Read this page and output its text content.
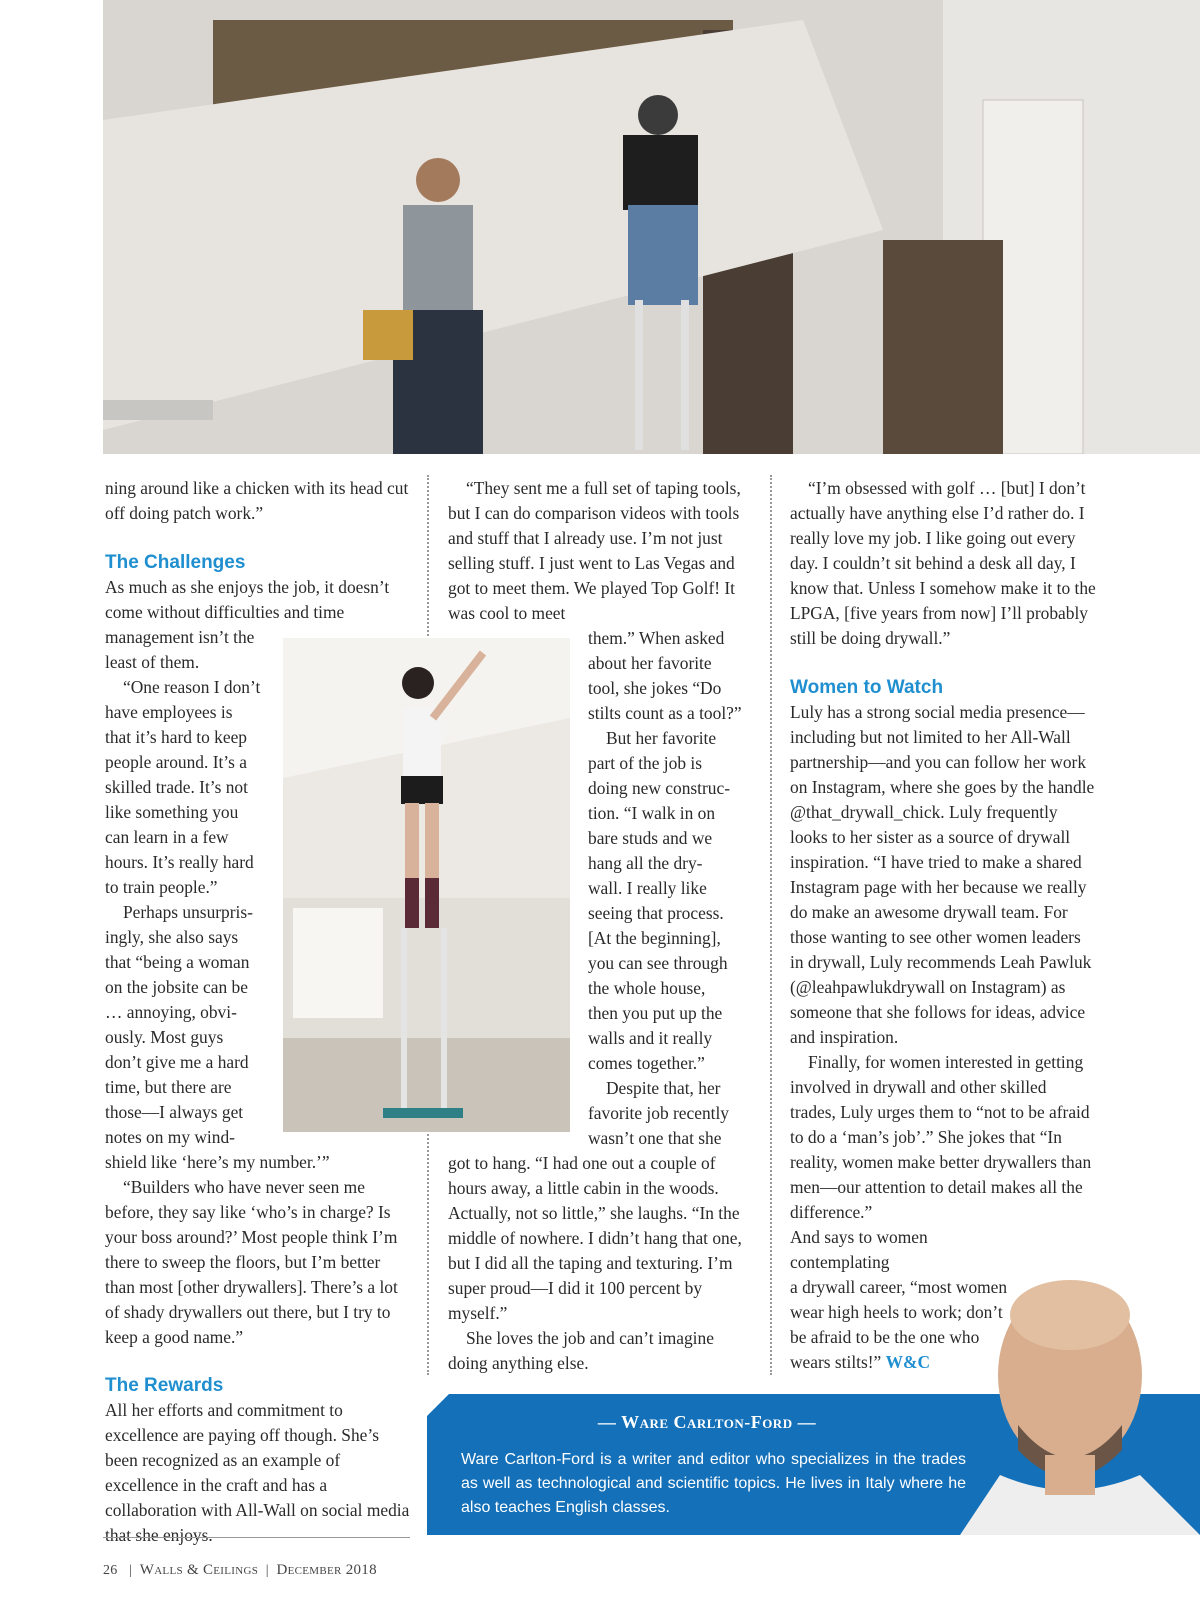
ning around like a chicken with its head cut off doing patch work.”

The Challenges

As much as she enjoys the job, it doesn’t come without difficulties and time

management isn’t the

least of them.

“One reason I don’t

have employees is

that it’s hard to keep

people around. It’s a

skilled trade. It’s not

like something you

can learn in a few

hours. It’s really hard

to train people.”

Perhaps unsurpris-

ingly, she also says

that “being a woman

on the jobsite can be

… annoying, obvi-

ously. Most guys

don’t give me a hard

time, but there are

those—I always get

notes on my wind-

shield like ‘here’s my number.’”

“Builders who have never seen me before, they say like ‘who’s in charge? Is your boss around?’ Most people think I’m there to sweep the floors, but I’m better than most [other drywallers]. There’s a lot of shady drywallers out there, but I try to keep a good name.”

The Rewards

All her efforts and commitment to excellence are paying off though. She’s been recognized as an example of excellence in the craft and has a collaboration with All-Wall on social media that she enjoys.

“They sent me a full set of taping tools, but I can do comparison videos with tools and stuff that I already use. I’m not just selling stuff. I just went to Las Vegas and got to meet them. We played Top Golf! It was cool to meet

them.” When asked

about her favorite

tool, she jokes “Do

stilts count as a tool?”

But her favorite

part of the job is

doing new construc-

tion. “I walk in on

bare studs and we

hang all the dry-

wall. I really like

seeing that process.

[At the beginning],

you can see through

the whole house,

then you put up the

walls and it really

comes together.”

Despite that, her

favorite job recently

wasn’t one that she

got to hang. “I had one out a couple of hours away, a little cabin in the woods. Actually, not so little,” she laughs. “In the middle of nowhere. I didn’t hang that one, but I did all the taping and texturing. I’m super proud—I did it 100 percent by myself.”

She loves the job and can’t imagine doing anything else.

“I’m obsessed with golf … [but] I don’t actually have anything else I’d rather do. I really love my job. I like going out every day. I couldn’t sit behind a desk all day, I know that. Unless I somehow make it to the LPGA, [five years from now] I’ll probably still be doing drywall.”

Women to Watch

Luly has a strong social media presence—including but not limited to her All-Wall partnership—and you can follow her work on Instagram, where she goes by the handle @that_drywall_chick. Luly frequently looks to her sister as a source of drywall inspiration. “I have tried to make a shared Instagram page with her because we really do make an awesome drywall team. For those wanting to see other women leaders in drywall, Luly recommends Leah Pawluk (@leahpawlukdrywall on Instagram) as someone that she follows for ideas, advice and inspiration.

Finally, for women interested in getting involved in drywall and other skilled trades, Luly urges them to “not to be afraid to do a ‘man’s job’.” She jokes that “In reality, women make better drywallers than men—our attention to detail makes all the difference.”

And says to women contemplating

a drywall career, “most women

wear high heels to work; don’t

be afraid to be the one who

wears stilts!” W&C

— Ware Carlton-Ford —
Ware Carlton-Ford is a writer and editor who specializes in the trades as well as technological and scientific topics. He lives in Italy where he also teaches English classes.
26 | Walls & Ceilings | December 2018
